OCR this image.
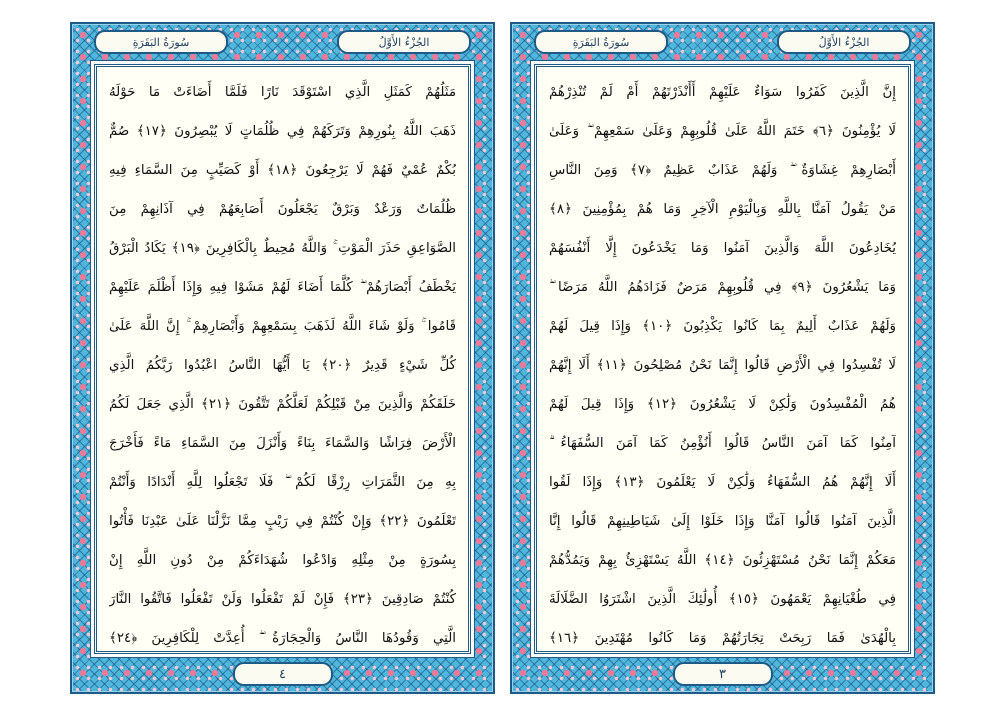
سُورَةُ البَقَرَةِ	الجُزْءُ الأَوَّلُ
مَثَلُهُمْ كَمَثَلِ الَّذِي اسْتَوْقَدَ نَارًا فَلَمَّا أَضَاءَتْ مَا حَوْلَهُ
ذَهَبَ اللَّهُ بِنُورِهِمْ وَتَرَكَهُمْ فِي ظُلُمَاتٍ لَا يُبْصِرُونَ ﴿١٧﴾ صُمٌّ
بُكْمٌ عُمْيٌ فَهُمْ لَا يَرْجِعُونَ ﴿١٨﴾ أَوْ كَصَيِّبٍ مِنَ السَّمَاءِ فِيهِ
ظُلُمَاتٌ وَرَعْدٌ وَبَرْقٌ يَجْعَلُونَ أَصَابِعَهُمْ فِي آذَانِهِمْ مِنَ
الصَّوَاعِقِ حَذَرَ الْمَوْتِ ۚ وَاللَّهُ مُحِيطٌ بِالْكَافِرِينَ ﴿١٩﴾ يَكَادُ الْبَرْقُ
يَخْطَفُ أَبْصَارَهُمْ ۖ كُلَّمَا أَضَاءَ لَهُمْ مَشَوْا فِيهِ وَإِذَا أَظْلَمَ عَلَيْهِمْ
قَامُوا ۚ وَلَوْ شَاءَ اللَّهُ لَذَهَبَ بِسَمْعِهِمْ وَأَبْصَارِهِمْ ۚ إِنَّ اللَّهَ عَلَىٰ
كُلِّ شَيْءٍ قَدِيرٌ ﴿٢٠﴾ يَا أَيُّهَا النَّاسُ اعْبُدُوا رَبَّكُمُ الَّذِي
خَلَقَكُمْ وَالَّذِينَ مِنْ قَبْلِكُمْ لَعَلَّكُمْ تَتَّقُونَ ﴿٢١﴾ الَّذِي جَعَلَ لَكُمُ
الْأَرْضَ فِرَاشًا وَالسَّمَاءَ بِنَاءً وَأَنْزَلَ مِنَ السَّمَاءِ مَاءً فَأَخْرَجَ
بِهِ مِنَ الثَّمَرَاتِ رِزْقًا لَكُمْ ۖ فَلَا تَجْعَلُوا لِلَّهِ أَنْدَادًا وَأَنْتُمْ
تَعْلَمُونَ ﴿٢٢﴾ وَإِنْ كُنْتُمْ فِي رَيْبٍ مِمَّا نَزَّلْنَا عَلَىٰ عَبْدِنَا فَأْتُوا
بِسُورَةٍ مِنْ مِثْلِهِ وَادْعُوا شُهَدَاءَكُمْ مِنْ دُونِ اللَّهِ إِنْ
كُنْتُمْ صَادِقِينَ ﴿٢٣﴾ فَإِنْ لَمْ تَفْعَلُوا وَلَنْ تَفْعَلُوا فَاتَّقُوا النَّارَ
الَّتِي وَقُودُهَا النَّاسُ وَالْحِجَارَةُ ۖ أُعِدَّتْ لِلْكَافِرِينَ ﴿٢٤﴾
٤
سُورَةُ البَقَرَةِ	الجُزْءُ الأَوَّلُ
إِنَّ الَّذِينَ كَفَرُوا سَوَاءٌ عَلَيْهِمْ أَأَنْذَرْتَهُمْ أَمْ لَمْ تُنْذِرْهُمْ
لَا يُؤْمِنُونَ ﴿٦﴾ خَتَمَ اللَّهُ عَلَىٰ قُلُوبِهِمْ وَعَلَىٰ سَمْعِهِمْ ۖ وَعَلَىٰ
أَبْصَارِهِمْ غِشَاوَةٌ ۖ وَلَهُمْ عَذَابٌ عَظِيمٌ ﴿٧﴾ وَمِنَ النَّاسِ
مَنْ يَقُولُ آمَنَّا بِاللَّهِ وَبِالْيَوْمِ الْآخِرِ وَمَا هُمْ بِمُؤْمِنِينَ ﴿٨﴾
يُخَادِعُونَ اللَّهَ وَالَّذِينَ آمَنُوا وَمَا يَخْدَعُونَ إِلَّا أَنْفُسَهُمْ
وَمَا يَشْعُرُونَ ﴿٩﴾ فِي قُلُوبِهِمْ مَرَضٌ فَزَادَهُمُ اللَّهُ مَرَضًا ۖ
وَلَهُمْ عَذَابٌ أَلِيمٌ بِمَا كَانُوا يَكْذِبُونَ ﴿١٠﴾ وَإِذَا قِيلَ لَهُمْ
لَا تُفْسِدُوا فِي الْأَرْضِ قَالُوا إِنَّمَا نَحْنُ مُصْلِحُونَ ﴿١١﴾ أَلَا إِنَّهُمْ
هُمُ الْمُفْسِدُونَ وَلَٰكِنْ لَا يَشْعُرُونَ ﴿١٢﴾ وَإِذَا قِيلَ لَهُمْ
آمِنُوا كَمَا آمَنَ النَّاسُ قَالُوا أَنُؤْمِنُ كَمَا آمَنَ السُّفَهَاءُ ۗ
أَلَا إِنَّهُمْ هُمُ السُّفَهَاءُ وَلَٰكِنْ لَا يَعْلَمُونَ ﴿١٣﴾ وَإِذَا لَقُوا
الَّذِينَ آمَنُوا قَالُوا آمَنَّا وَإِذَا خَلَوْا إِلَىٰ شَيَاطِينِهِمْ قَالُوا إِنَّا
مَعَكُمْ إِنَّمَا نَحْنُ مُسْتَهْزِئُونَ ﴿١٤﴾ اللَّهُ يَسْتَهْزِئُ بِهِمْ وَيَمُدُّهُمْ
فِي طُغْيَانِهِمْ يَعْمَهُونَ ﴿١٥﴾ أُولَٰئِكَ الَّذِينَ اشْتَرَوُا الضَّلَالَةَ
بِالْهُدَىٰ فَمَا رَبِحَتْ تِجَارَتُهُمْ وَمَا كَانُوا مُهْتَدِينَ ﴿١٦﴾
٣
